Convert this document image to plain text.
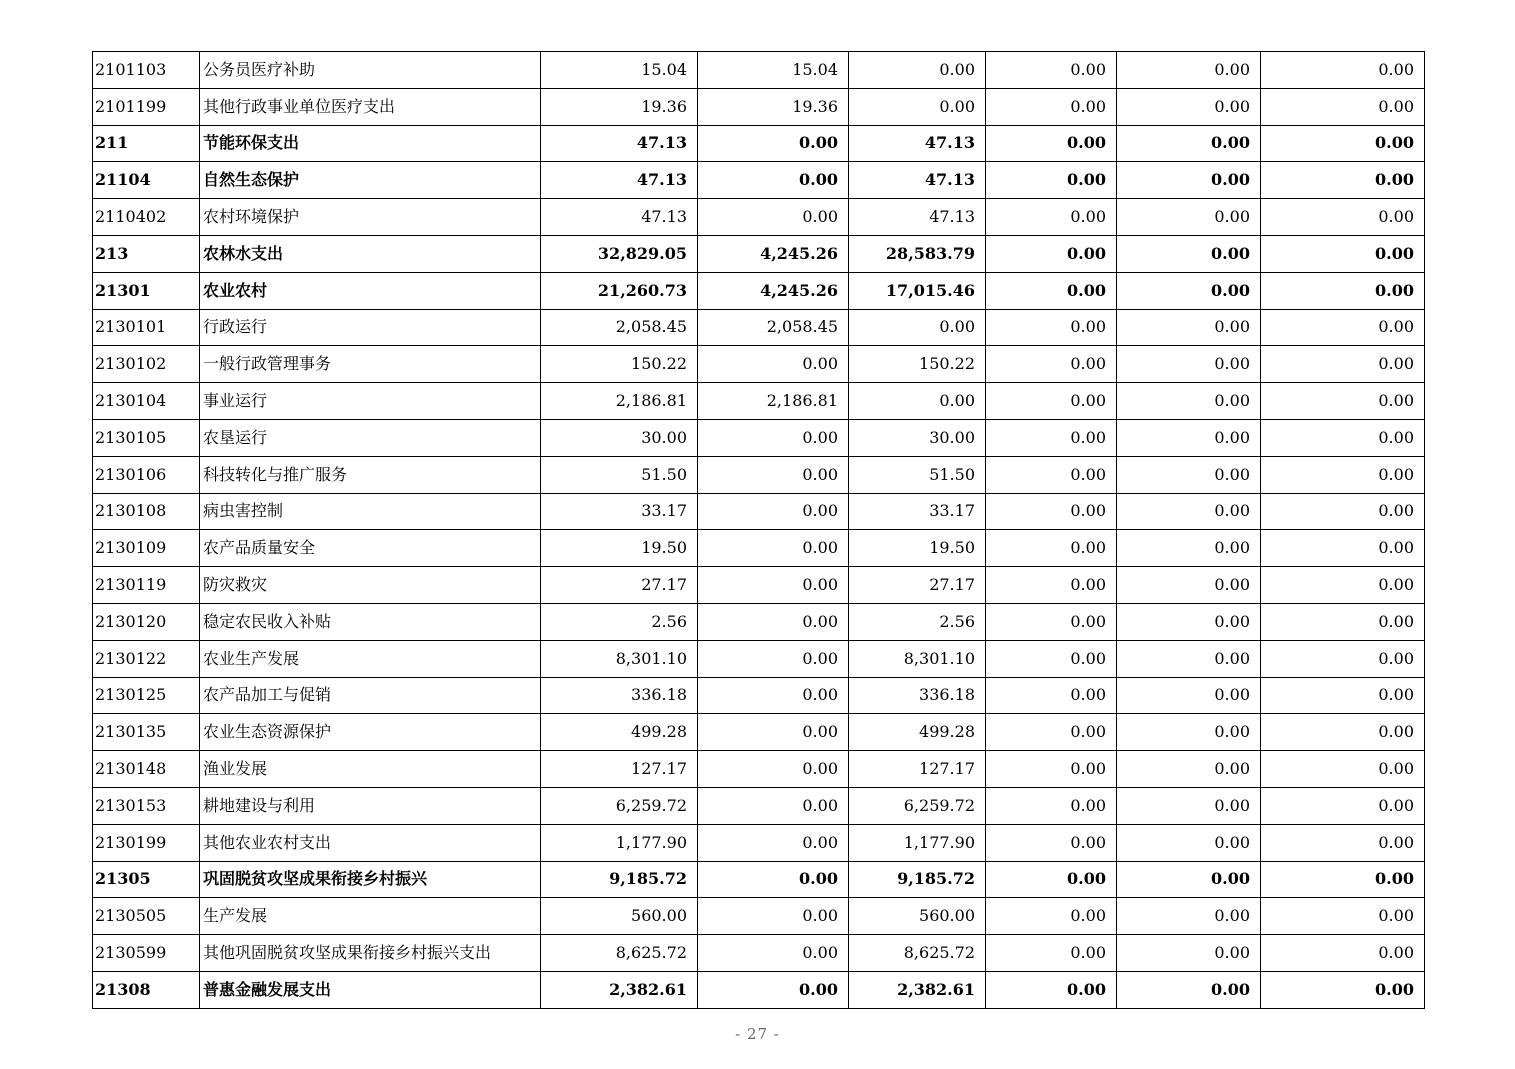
2101103	公务员医疗补助	15.04	15.04	0.00	0.00	0.00	0.00
2101199	其他行政事业单位医疗支出	19.36	19.36	0.00	0.00	0.00	0.00
211	节能环保支出	47.13	0.00	47.13	0.00	0.00	0.00
21104	自然生态保护	47.13	0.00	47.13	0.00	0.00	0.00
2110402	农村环境保护	47.13	0.00	47.13	0.00	0.00	0.00
213	农林水支出	32,829.05	4,245.26	28,583.79	0.00	0.00	0.00
21301	农业农村	21,260.73	4,245.26	17,015.46	0.00	0.00	0.00
2130101	行政运行	2,058.45	2,058.45	0.00	0.00	0.00	0.00
2130102	一般行政管理事务	150.22	0.00	150.22	0.00	0.00	0.00
2130104	事业运行	2,186.81	2,186.81	0.00	0.00	0.00	0.00
2130105	农垦运行	30.00	0.00	30.00	0.00	0.00	0.00
2130106	科技转化与推广服务	51.50	0.00	51.50	0.00	0.00	0.00
2130108	病虫害控制	33.17	0.00	33.17	0.00	0.00	0.00
2130109	农产品质量安全	19.50	0.00	19.50	0.00	0.00	0.00
2130119	防灾救灾	27.17	0.00	27.17	0.00	0.00	0.00
2130120	稳定农民收入补贴	2.56	0.00	2.56	0.00	0.00	0.00
2130122	农业生产发展	8,301.10	0.00	8,301.10	0.00	0.00	0.00
2130125	农产品加工与促销	336.18	0.00	336.18	0.00	0.00	0.00
2130135	农业生态资源保护	499.28	0.00	499.28	0.00	0.00	0.00
2130148	渔业发展	127.17	0.00	127.17	0.00	0.00	0.00
2130153	耕地建设与利用	6,259.72	0.00	6,259.72	0.00	0.00	0.00
2130199	其他农业农村支出	1,177.90	0.00	1,177.90	0.00	0.00	0.00
21305	巩固脱贫攻坚成果衔接乡村振兴	9,185.72	0.00	9,185.72	0.00	0.00	0.00
2130505	生产发展	560.00	0.00	560.00	0.00	0.00	0.00
2130599	其他巩固脱贫攻坚成果衔接乡村振兴支出	8,625.72	0.00	8,625.72	0.00	0.00	0.00
21308	普惠金融发展支出	2,382.61	0.00	2,382.61	0.00	0.00	0.00
- 27 -
